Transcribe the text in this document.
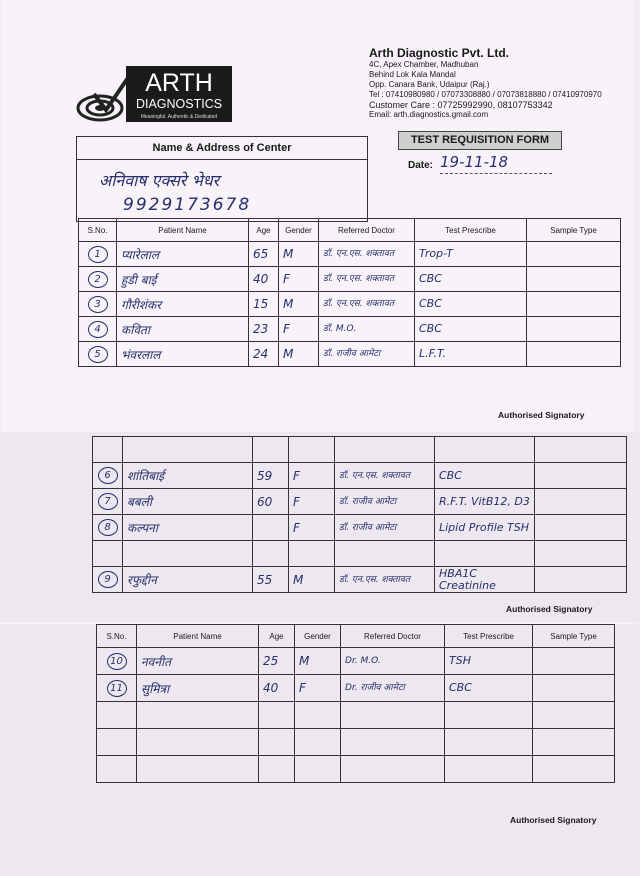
ARTH
DIAGNOSTICS
Meaningful, Authentic & Dedicated
Arth Diagnostic Pvt. Ltd.
4C, Apex Chamber, Madhuban
Behind Lok Kala Mandal
Opp. Canara Bank, Udaipur (Raj.)
Tel : 07410980980 / 07073308880 / 07073818880 / 07410970970
Customer Care : 07725992990, 08107753342
Email: arth.diagnostics.gmail.com
Name & Address of Center
अनिवाष एक्सरे भेधर
9929173678
TEST REQUISITION FORM
Date: 19-11-18
S.No.	Patient Name	Age	Gender	Referred Doctor	Test Prescribe	Sample Type
1	प्यारेलाल	65	M	डॉ. एन.एस. शक्तावत	Trop-T	
2	हुडी बाई	40	F	डॉ. एन.एस. शक्तावत	CBC	
3	गौरीशंकर	15	M	डॉ. एन.एस. शक्तावत	CBC	
4	कविता	23	F	डॉ. M.O.	CBC	
5	भंवरलाल	24	M	डॉ. राजीव आमेटा	L.F.T.	
Authorised Signatory

6	शांतिबाई	59	F	डॉ. एन.एस. शक्तावत	CBC	
7	बबली	60	F	डॉ. राजीव आमेटा	R.F.T. VitB12, D3	
8	कल्पना		F	डॉ. राजीव आमेटा	Lipid Profile TSH	

9	रफुद्दीन	55	M	डॉ. एन.एस. शक्तावत	HBA1C Creatinine	
Authorised Signatory
S.No.	Patient Name	Age	Gender	Referred Doctor	Test Prescribe	Sample Type
10	नवनीत	25	M	Dr. M.O.	TSH	
11	सुमित्रा	40	F	Dr. राजीव आमेटा	CBC	

Authorised Signatory
